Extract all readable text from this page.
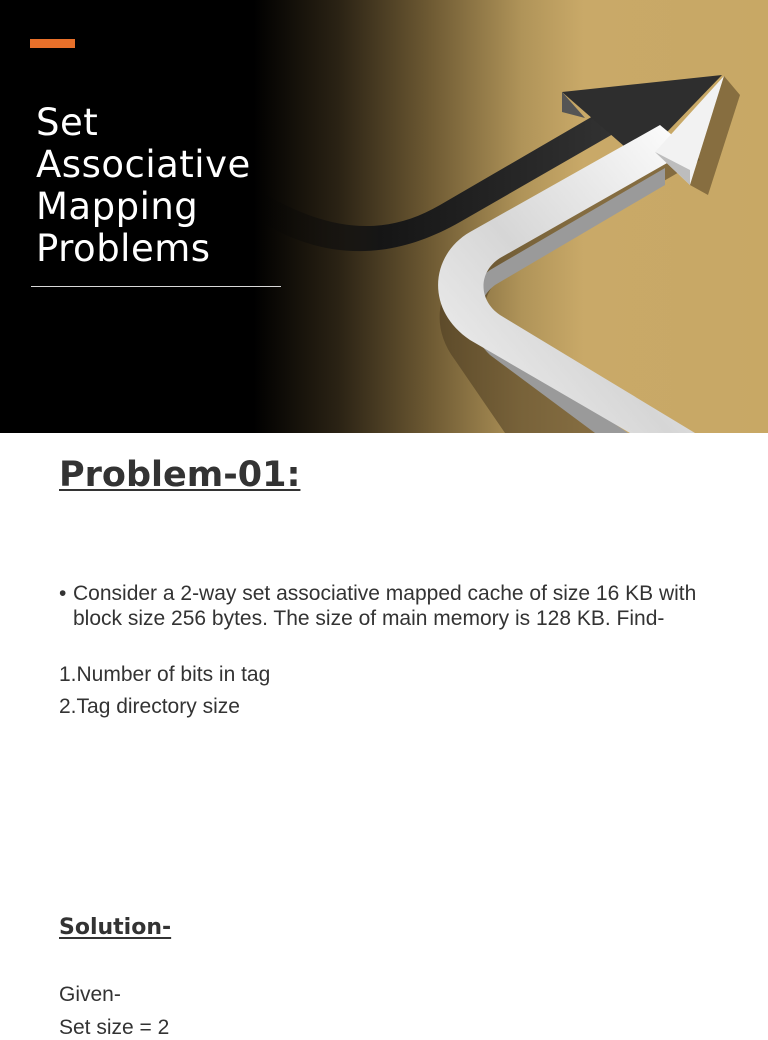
Set
Associative
Mapping
Problems
Problem-01:
• Consider a 2-way set associative mapped cache of size 16 KB with block size 256 bytes. The size of main memory is 128 KB. Find-
1.Number of bits in tag
2.Tag directory size
Solution-
Given-
Set size = 2
